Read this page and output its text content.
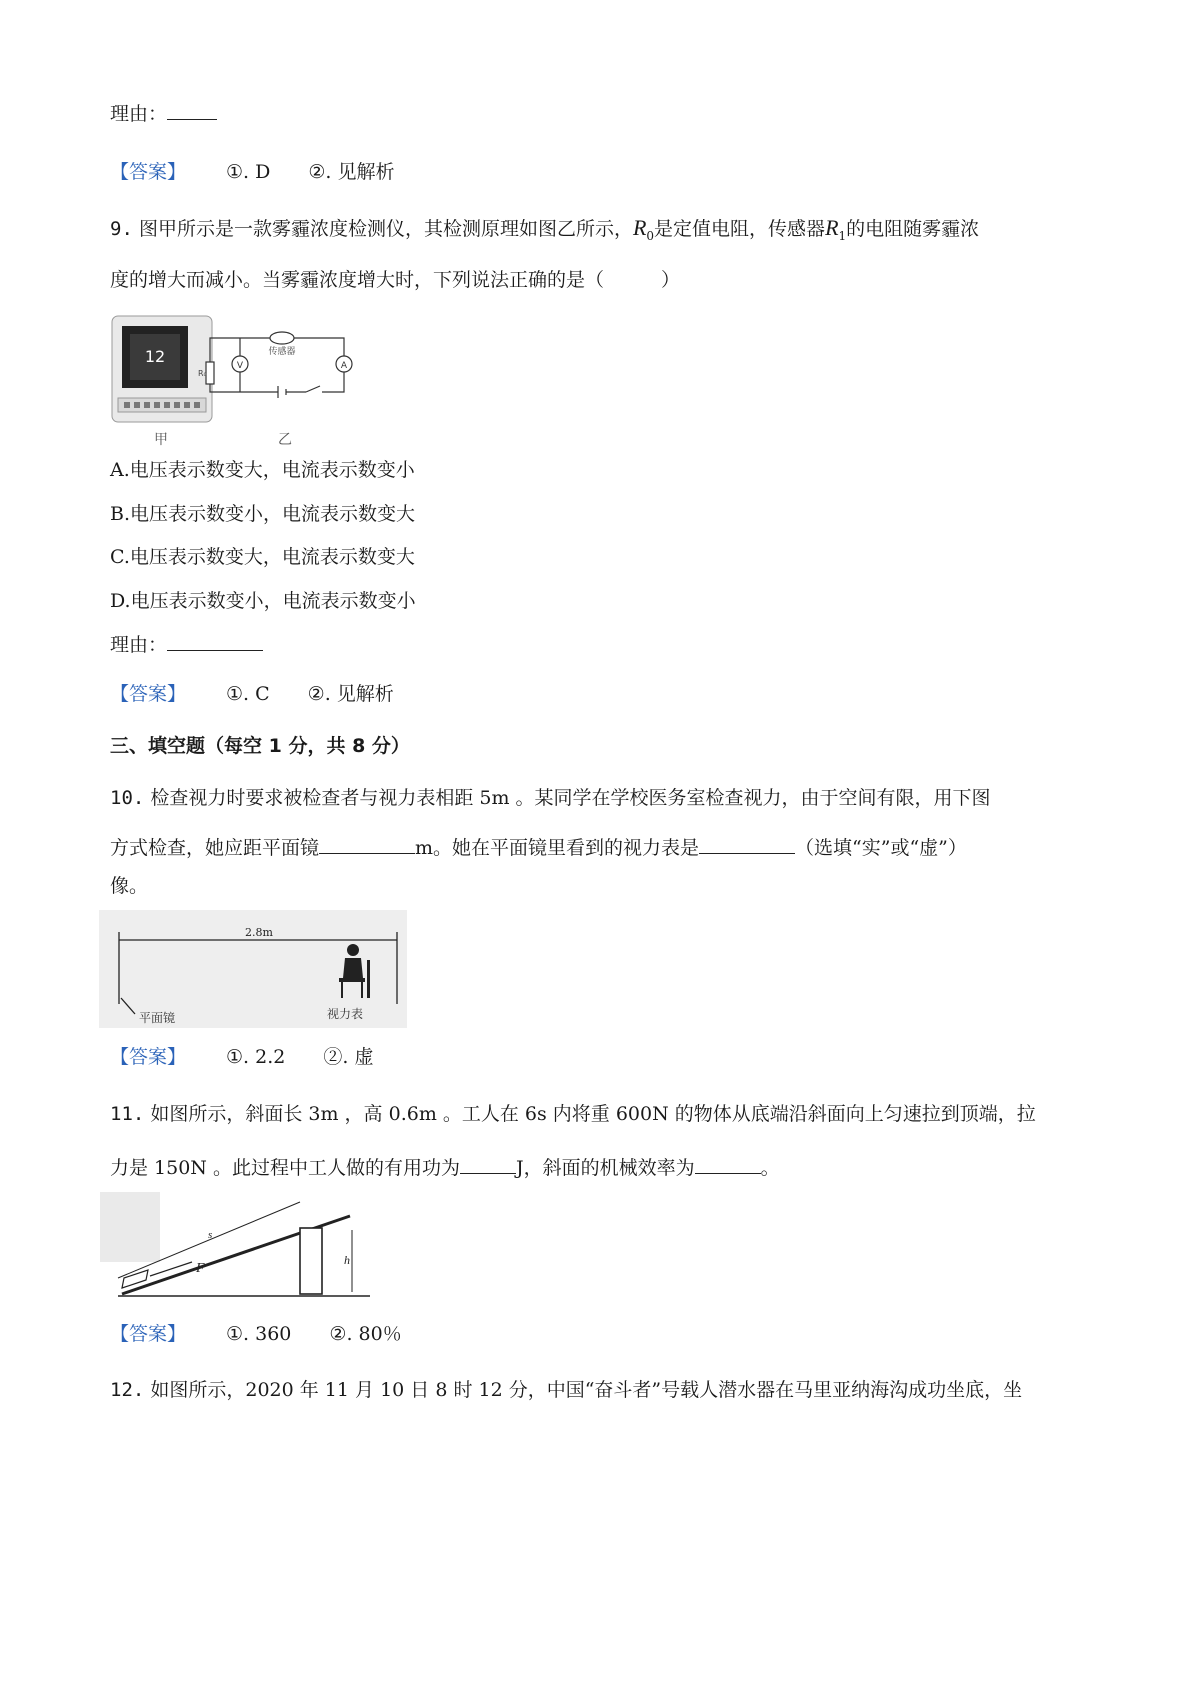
理由：
【答案】 ①. D ②. 见解析
9. 图甲所示是一款雾霾浓度检测仪，其检测原理如图乙所示，$R_0$是定值电阻，传感器$R_1$的电阻随雾霾浓
度的增大而减小。当雾霾浓度增大时，下列说法正确的是（　　　）
12
甲
V	A
传感器
R₀
乙
A.电压表示数变大，电流表示数变小
B.电压表示数变小，电流表示数变大
C.电压表示数变大，电流表示数变大
D.电压表示数变小，电流表示数变小
理由：
【答案】 ①. C ②. 见解析
三、填空题（每空 1 分，共 8 分）
10. 检查视力时要求被检查者与视力表相距 5m 。某同学在学校医务室检查视力，由于空间有限，用下图
方式检查，她应距平面镜	m。她在平面镜里看到的视力表是	（选填“实”或“虚”）
像。
2.8m
平面镜	视力表
【答案】 ①. 2.2 ②. 虚
11. 如图所示，斜面长 3m ，高 0.6m 。工人在 6s 内将重 600N 的物体从底端沿斜面向上匀速拉到顶端，拉
力是 150N 。此过程中工人做的有用功为	J，斜面的机械效率为	。
F
s
h
【答案】 ①. 360 ②. 80％
12. 如图所示，2020 年 11 月 10 日 8 时 12 分，中国“奋斗者”号载人潜水器在马里亚纳海沟成功坐底，坐
